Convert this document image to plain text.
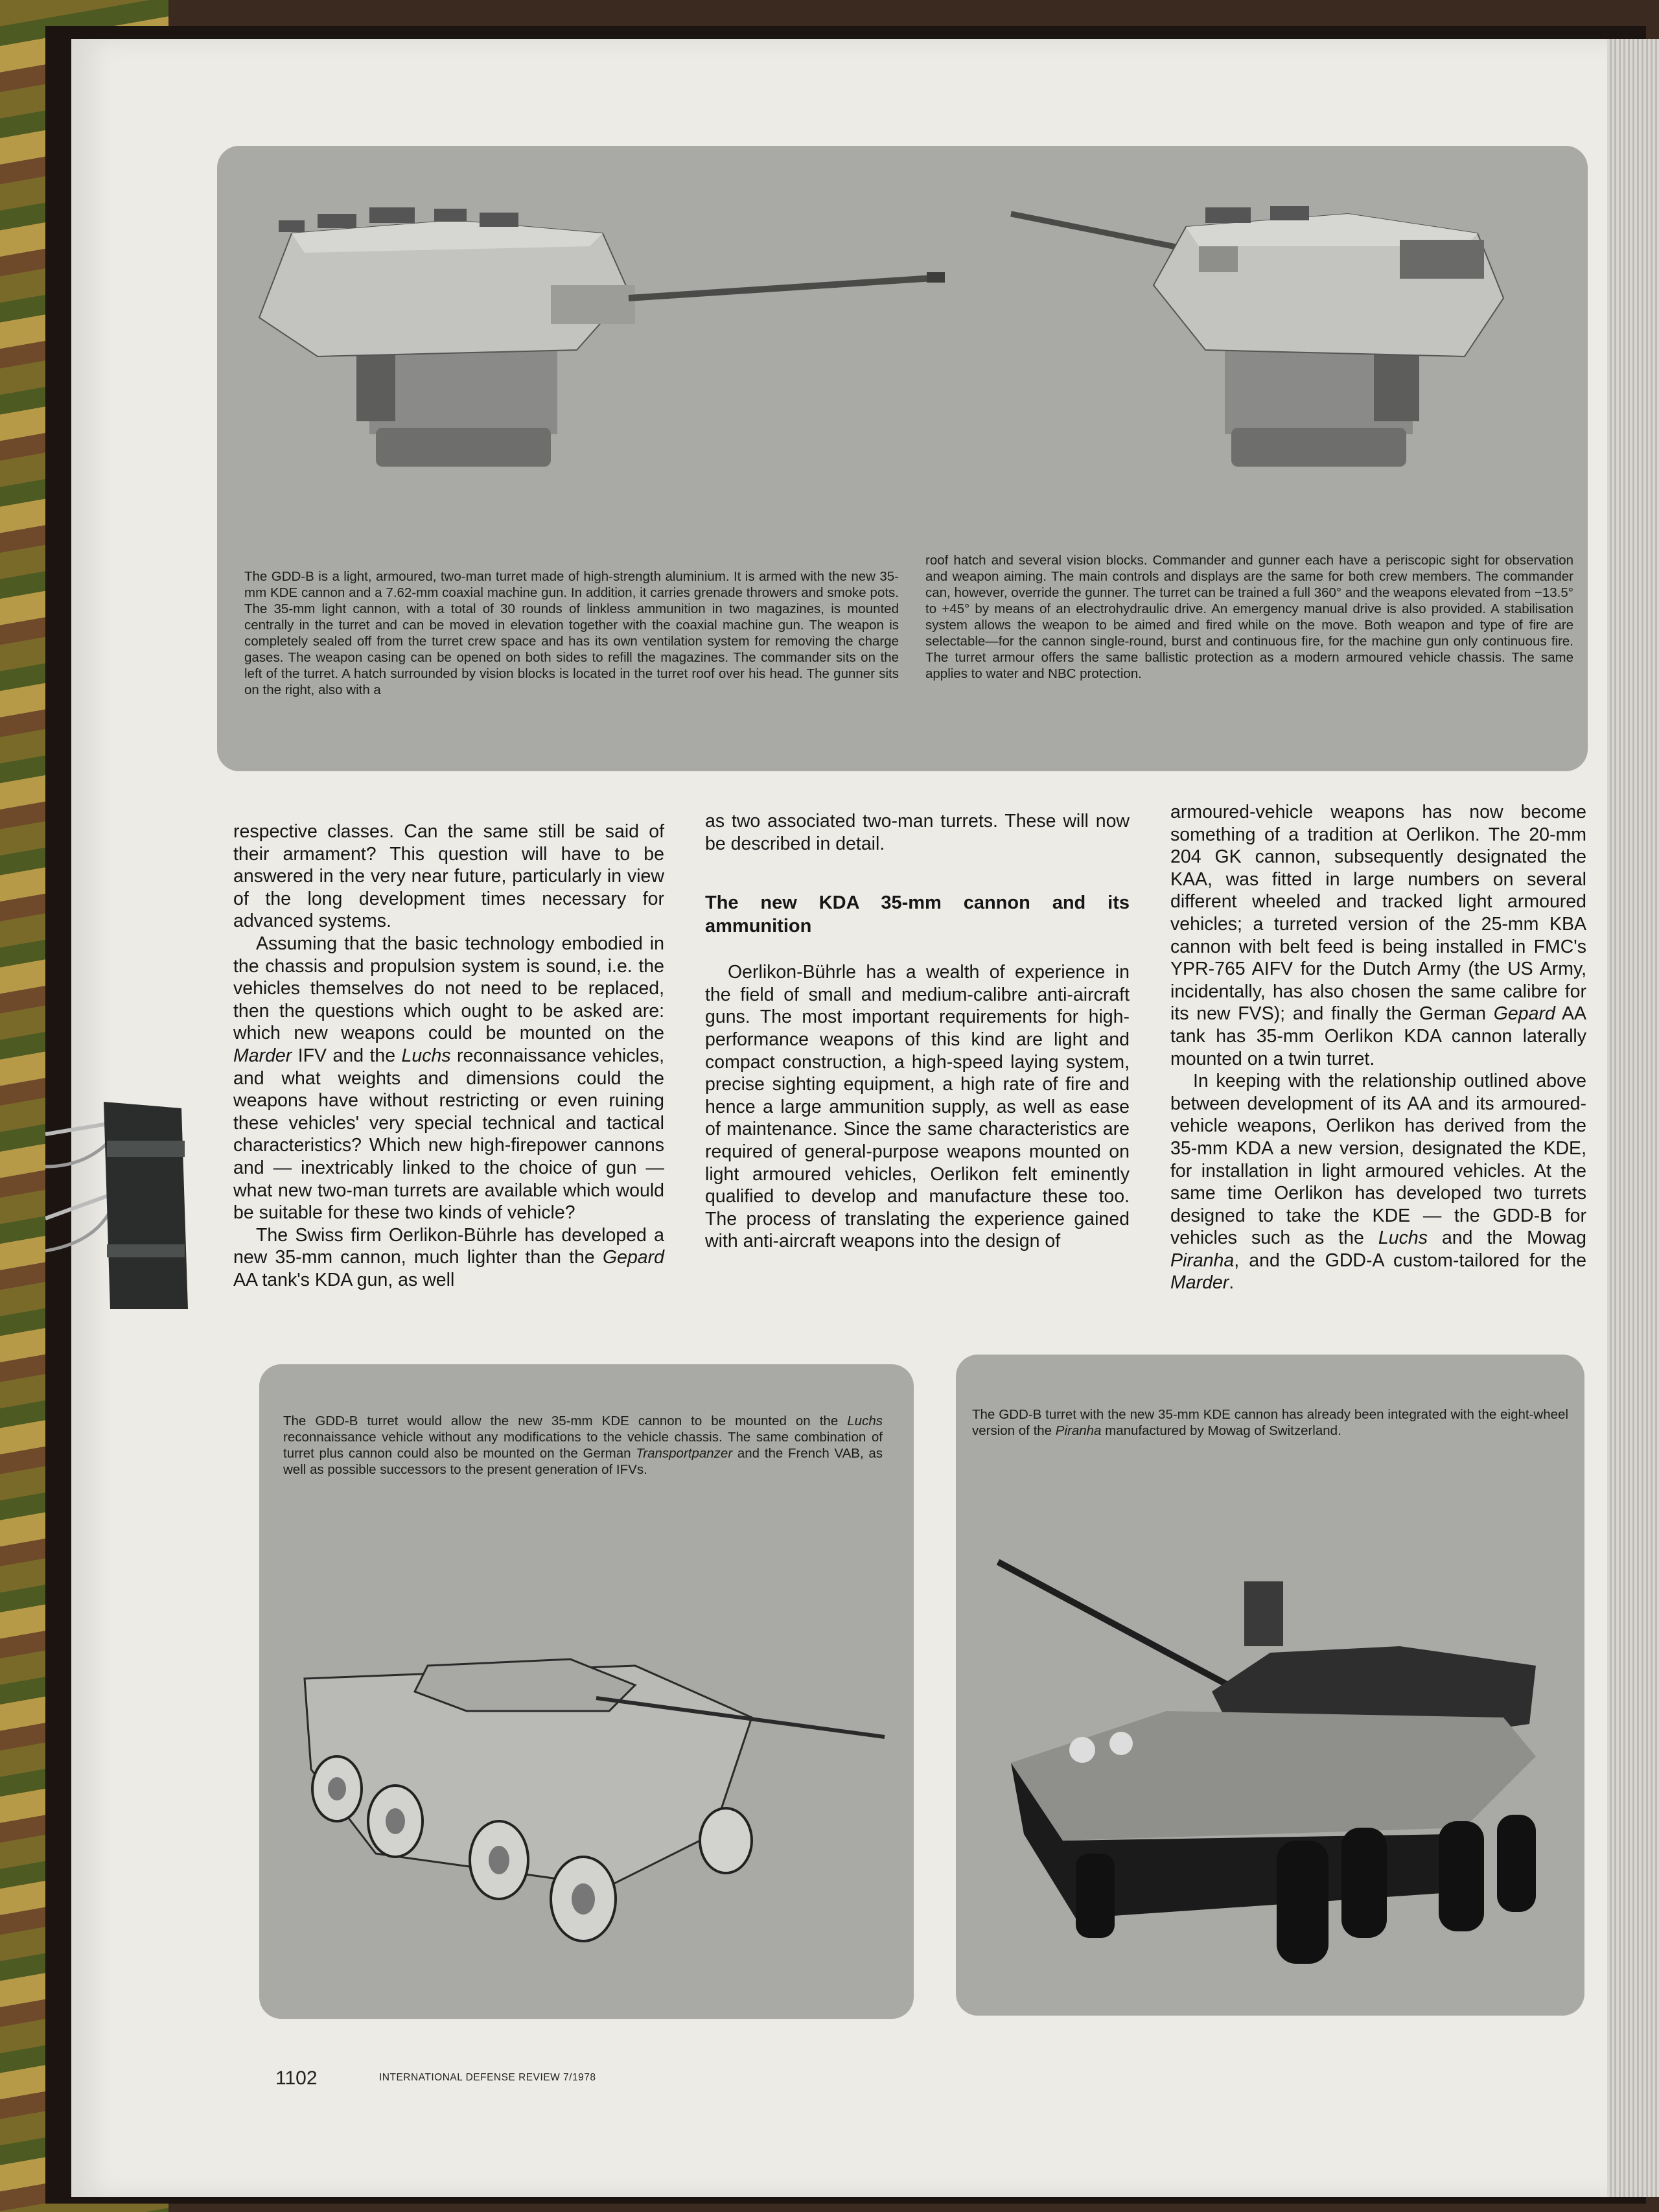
The GDD-B is a light, armoured, two-man turret made of high-strength aluminium. It is armed with the new 35-mm KDE cannon and a 7.62-mm coaxial machine gun. In addition, it carries grenade throwers and smoke pots. The 35-mm light cannon, with a total of 30 rounds of linkless ammunition in two magazines, is mounted centrally in the turret and can be moved in elevation together with the coaxial machine gun. The weapon is completely sealed off from the turret crew space and has its own ventilation system for removing the charge gases. The weapon casing can be opened on both sides to refill the magazines. The commander sits on the left of the turret. A hatch surrounded by vision blocks is located in the turret roof over his head. The gunner sits on the right, also with a

roof hatch and several vision blocks. Commander and gunner each have a periscopic sight for observation and weapon aiming. The main controls and displays are the same for both crew members. The commander can, however, override the gunner. The turret can be trained a full 360° and the weapons elevated from −13.5° to +45° by means of an electrohydraulic drive. An emergency manual drive is also provided. A stabilisation system allows the weapon to be aimed and fired while on the move. Both weapon and type of fire are selectable—for the cannon single-round, burst and continuous fire, for the machine gun only continuous fire. The turret armour offers the same ballistic protection as a modern armoured vehicle chassis. The same applies to water and NBC protection.

respective classes. Can the same still be said of their armament? This question will have to be answered in the very near future, particularly in view of the long development times necessary for advanced systems.

Assuming that the basic technology embodied in the chassis and propulsion system is sound, i.e. the vehicles themselves do not need to be replaced, then the questions which ought to be asked are: which new weapons could be mounted on the Marder IFV and the Luchs reconnaissance vehicles, and what weights and dimensions could the weapons have without restricting or even ruining these vehicles' very special technical and tactical characteristics? Which new high-firepower cannons and — inextricably linked to the choice of gun — what new two-man turrets are available which would be suitable for these two kinds of vehicle?

The Swiss firm Oerlikon-Bührle has developed a new 35-mm cannon, much lighter than the Gepard AA tank's KDA gun, as well

as two associated two-man turrets. These will now be described in detail.

The new KDA 35-mm cannon and its ammunition

Oerlikon-Bührle has a wealth of experience in the field of small and medium-calibre anti-aircraft guns. The most important requirements for high-performance weapons of this kind are light and compact construction, a high-speed laying system, precise sighting equipment, a high rate of fire and hence a large ammunition supply, as well as ease of maintenance. Since the same characteristics are required of general-purpose weapons mounted on light armoured vehicles, Oerlikon felt eminently qualified to develop and manufacture these too. The process of translating the experience gained with anti-aircraft weapons into the design of

armoured-vehicle weapons has now become something of a tradition at Oerlikon. The 20-mm 204 GK cannon, subsequently designated the KAA, was fitted in large numbers on several different wheeled and tracked light armoured vehicles; a turreted version of the 25-mm KBA cannon with belt feed is being installed in FMC's YPR-765 AIFV for the Dutch Army (the US Army, incidentally, has also chosen the same calibre for its new FVS); and finally the German Gepard AA tank has 35-mm Oerlikon KDA cannon laterally mounted on a twin turret.

In keeping with the relationship outlined above between development of its AA and its armoured-vehicle weapons, Oerlikon has derived from the 35-mm KDA a new version, designated the KDE, for installation in light armoured vehicles. At the same time Oerlikon has developed two turrets designed to take the KDE — the GDD-B for vehicles such as the Luchs and the Mowag Piranha, and the GDD-A custom-tailored for the Marder.

The GDD-B turret would allow the new 35-mm KDE cannon to be mounted on the Luchs reconnaissance vehicle without any modifications to the vehicle chassis. The same combination of turret plus cannon could also be mounted on the German Transportpanzer and the French VAB, as well as possible successors to the present generation of IFVs.

The GDD-B turret with the new 35-mm KDE cannon has already been integrated with the eight-wheel version of the Piranha manufactured by Mowag of Switzerland.

1102	INTERNATIONAL DEFENSE REVIEW 7/1978
